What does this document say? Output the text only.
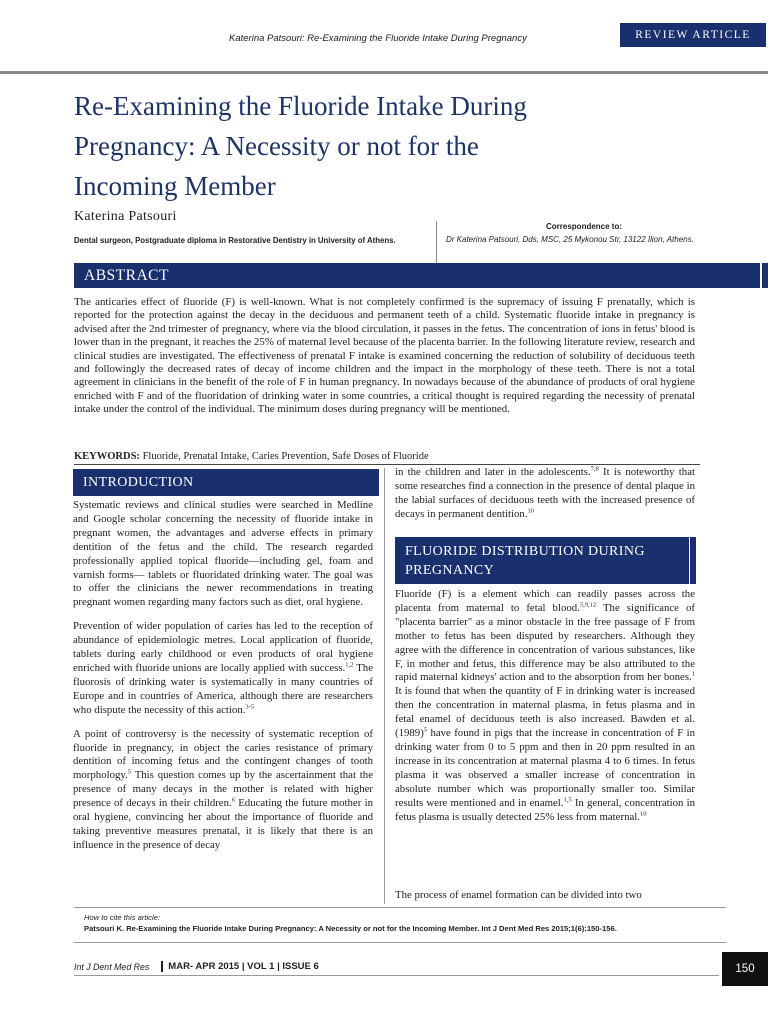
Katerina Patsouri: Re-Examining the Fluoride Intake During Pregnancy	REVIEW ARTICLE
Re-Examining the Fluoride Intake During
Pregnancy: A Necessity or not for the
Incoming Member
Katerina Patsouri
Dental surgeon, Postgraduate diploma in Restorative Dentistry in University of Athens.
Correspondence to:
Dr Katerina Patsouri, Dds, MSC, 25 Mykonou Str, 13122 Ilion, Athens.
ABSTRACT
The anticaries effect of fluoride (F) is well-known. What is not completely confirmed is the supremacy of issuing F prenatally, which is reported for the protection against the decay in the deciduous and permanent teeth of a child. Systematic fluoride intake in pregnancy is advised after the 2nd trimester of pregnancy, where via the blood circulation, it passes in the fetus. The concentration of ions in fetus' blood is lower than in the pregnant, it reaches the 25% of maternal level because of the placenta barrier. In the following literature review, research and clinical studies are investigated. The effectiveness of prenatal F intake is examined concerning the reduction of solubility of deciduous teeth and followingly the decreased rates of decay of income children and the impact in the morphology of these teeth. There is not a total agreement in clinicians in the benefit of the role of F in human pregnancy. In nowadays because of the abundance of products of oral hygiene enriched with F and of the fluoridation of drinking water in some countries, a critical thought is required regarding the necessity of prenatal intake under the control of the individual. The minimum doses during pregnancy will be mentioned.
KEYWORDS: Fluoride, Prenatal Intake, Caries Prevention, Safe Doses of Fluoride
INTRODUCTION

Systematic reviews and clinical studies were searched in Medline and Google scholar concerning the necessity of fluoride intake in pregnant women, the advantages and adverse effects in primary dentition of the fetus and the child. The research regarded professionally applied topical fluoride—including gel, foam and varnish forms— tablets or fluoridated drinking water. The goal was to offer the clinicians the newer recommendations in treating pregnant women regarding many factors such as diet, oral hygiene.

Prevention of wider population of caries has led to the reception of abundance of epidemiologic metres. Local application of fluoride, tablets during early childhood or even products of oral hygiene enriched with fluoride unions are locally applied with success.$^{1,2}$ The fluorosis of drinking water is systematically in many countries of Europe and in countries of America, although there are researchers who dispute the necessity of this action.$^{3-5}$

A point of controversy is the necessity of systematic reception of fluoride in pregnancy, in object the caries resistance of primary dentition of incoming fetus and the contingent changes of tooth morphology.$^5$ This question comes up by the ascertainment that the presence of many decays in the mother is related with higher presence of decays in their children.$^6$ Educating the future mother in oral hygiene, convincing her about the importance of fluoride and taking preventive measures prenatal, it is likely that there is an influence in the presence of decay

in the children and later in the adolescents.$^{7,8}$ It is noteworthy that some researches find a connection in the presence of dental plaque in the labial surfaces of deciduous teeth with the increased presence of decays in permanent dentition.$^{10}$
FLUORIDE DISTRIBUTION DURING PREGNANCY
Fluoride (F) is a element which can readily passes across the placenta from maternal to fetal blood.$^{5,9,12}$ The significance of "placenta barrier" as a minor obstacle in the free passage of F from mother to fetus has been disputed by researchers. Although they agree with the difference in concentration of various substances, like F, in mother and fetus, this difference may be also attributed to the rapid maternal kidneys' action and to the absorption from her bones.$^1$ It is found that when the quantity of F in drinking water is increased then the concentration in maternal plasma, in fetus plasma and in fetal enamel of deciduous teeth is also increased. Bawden et $al.(1989)^5$ have found in pigs that the increase in concentration of F in drinking water from 0 to 5 ppm and then in 20 ppm resulted in an increase in its concentration at maternal plasma 4 to 6 times. In fetus plasma it was observed a smaller increase of concentration in absolute number which was proportionally smaller too. Similar results were mentioned and in enamel.$^{1,5}$ In general, concentration in fetus plasma is usually detected 25% less from maternal.$^{10}$
The process of enamel formation can be divided into two
How to cite this article:
Patsouri K. Re-Examining the Fluoride Intake During Pregnancy: A Necessity or not for the Incoming Member. Int J Dent Med Res 2015;1(6):150-156.
Int J Dent Med Res MAR- APR 2015 | VOL 1 | ISSUE 6	150
